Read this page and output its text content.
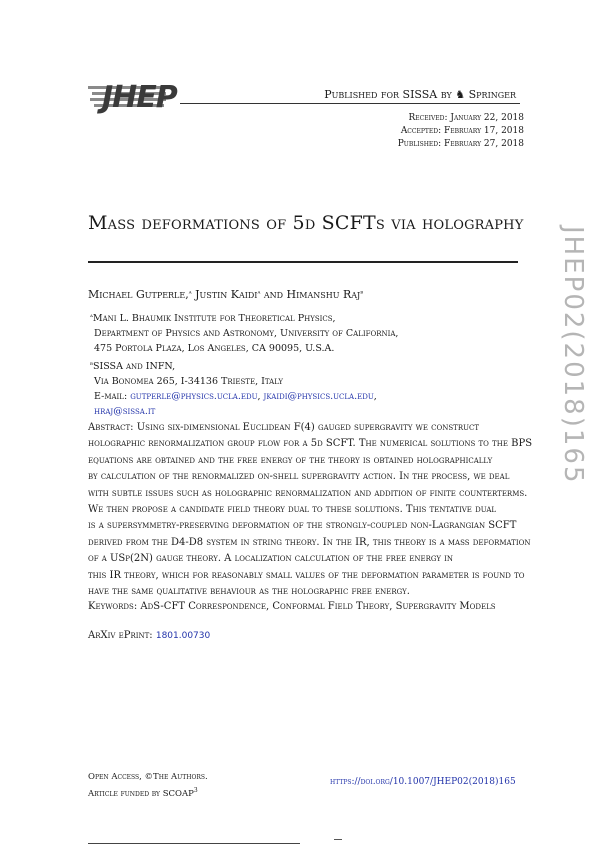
JHEP	Published for SISSA by ♞ Springer
Received: January 22, 2018
Accepted: February 17, 2018
Published: February 27, 2018
Mass deformations of 5d SCFTs via holography
JHEP02(2018)165
Michael Gutperle,$^a$ Justin Kaidi$^a$ and Himanshu Raj$^b$
$^a$Mani L. Bhaumik Institute for Theoretical Physics,
Department of Physics and Astronomy, University of California,
475 Portola Plaza, Los Angeles, CA 90095, U.S.A.
$^b$SISSA and INFN,
Via Bonomea 265, I-34136 Trieste, Italy
E-mail: gutperle@physics.ucla.edu, jkaidi@physics.ucla.edu,
hraj@sissa.it
Abstract: Using six-dimensional Euclidean F(4) gauged supergravity we construct
holographic renormalization group flow for a 5d SCFT. The numerical solutions to the BPS
equations are obtained and the free energy of the theory is obtained holographically
by calculation of the renormalized on-shell supergravity action. In the process, we deal
with subtle issues such as holographic renormalization and addition of finite counterterms.
We then propose a candidate field theory dual to these solutions. This tentative dual
is a supersymmetry-preserving deformation of the strongly-coupled non-Lagrangian SCFT
derived from the D4-D8 system in string theory. In the IR, this theory is a mass deformation
of a USp(2N) gauge theory. A localization calculation of the free energy in
this IR theory, which for reasonably small values of the deformation parameter is found to
have the same qualitative behaviour as the holographic free energy.
Keywords: AdS-CFT Correspondence, Conformal Field Theory, Supergravity Models
ArXiv ePrint: 1801.00730
Open Access, ©The Authors.
Article funded by SCOAP$^3$
https://doi.org/10.1007/JHEP02(2018)165
